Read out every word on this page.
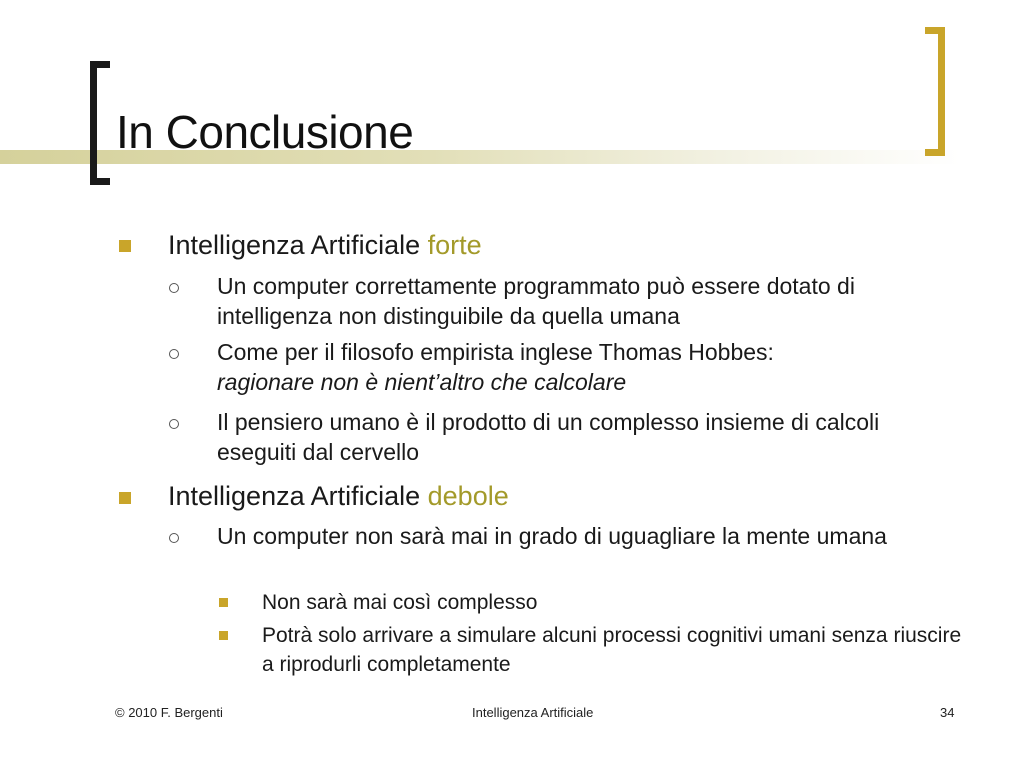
In Conclusione
Intelligenza Artificiale forte
Un computer correttamente programmato può essere dotato di intelligenza non distinguibile da quella umana
Come per il filosofo empirista inglese Thomas Hobbes:
ragionare non è nient’altro che calcolare
Il pensiero umano è il prodotto di un complesso insieme di calcoli eseguiti dal cervello
Intelligenza Artificiale debole
Un computer non sarà mai in grado di uguagliare la mente umana
Non sarà mai così complesso
Potrà solo arrivare a simulare alcuni processi cognitivi umani senza riuscire a riprodurli completamente
© 2010 F. Bergenti	Intelligenza Artificiale	34
